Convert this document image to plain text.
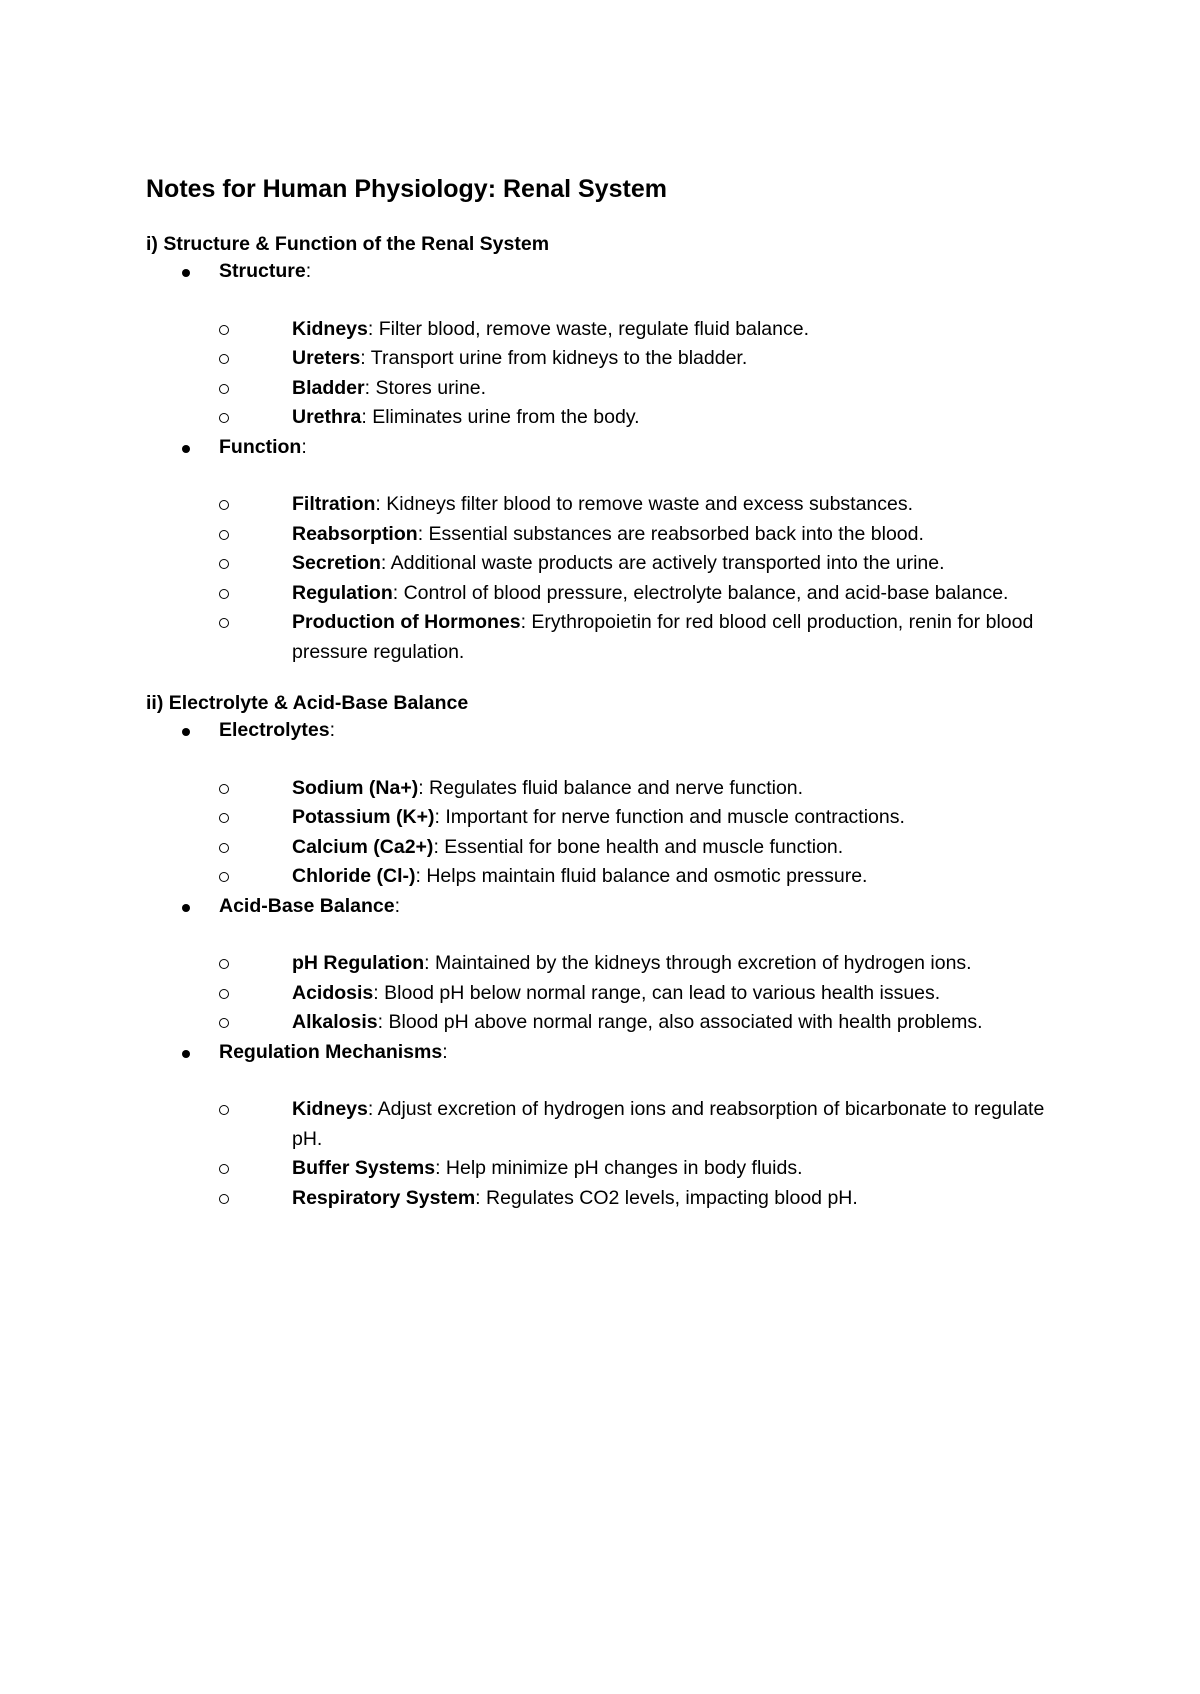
Notes for Human Physiology: Renal System
i) Structure & Function of the Renal System
Structure:
Kidneys: Filter blood, remove waste, regulate fluid balance.
Ureters: Transport urine from kidneys to the bladder.
Bladder: Stores urine.
Urethra: Eliminates urine from the body.
Function:
Filtration: Kidneys filter blood to remove waste and excess substances.
Reabsorption: Essential substances are reabsorbed back into the blood.
Secretion: Additional waste products are actively transported into the urine.
Regulation: Control of blood pressure, electrolyte balance, and acid-base balance.
Production of Hormones: Erythropoietin for red blood cell production, renin for blood pressure regulation.
ii) Electrolyte & Acid-Base Balance
Electrolytes:
Sodium (Na+): Regulates fluid balance and nerve function.
Potassium (K+): Important for nerve function and muscle contractions.
Calcium (Ca2+): Essential for bone health and muscle function.
Chloride (Cl-): Helps maintain fluid balance and osmotic pressure.
Acid-Base Balance:
pH Regulation: Maintained by the kidneys through excretion of hydrogen ions.
Acidosis: Blood pH below normal range, can lead to various health issues.
Alkalosis: Blood pH above normal range, also associated with health problems.
Regulation Mechanisms:
Kidneys: Adjust excretion of hydrogen ions and reabsorption of bicarbonate to regulate pH.
Buffer Systems: Help minimize pH changes in body fluids.
Respiratory System: Regulates CO2 levels, impacting blood pH.
